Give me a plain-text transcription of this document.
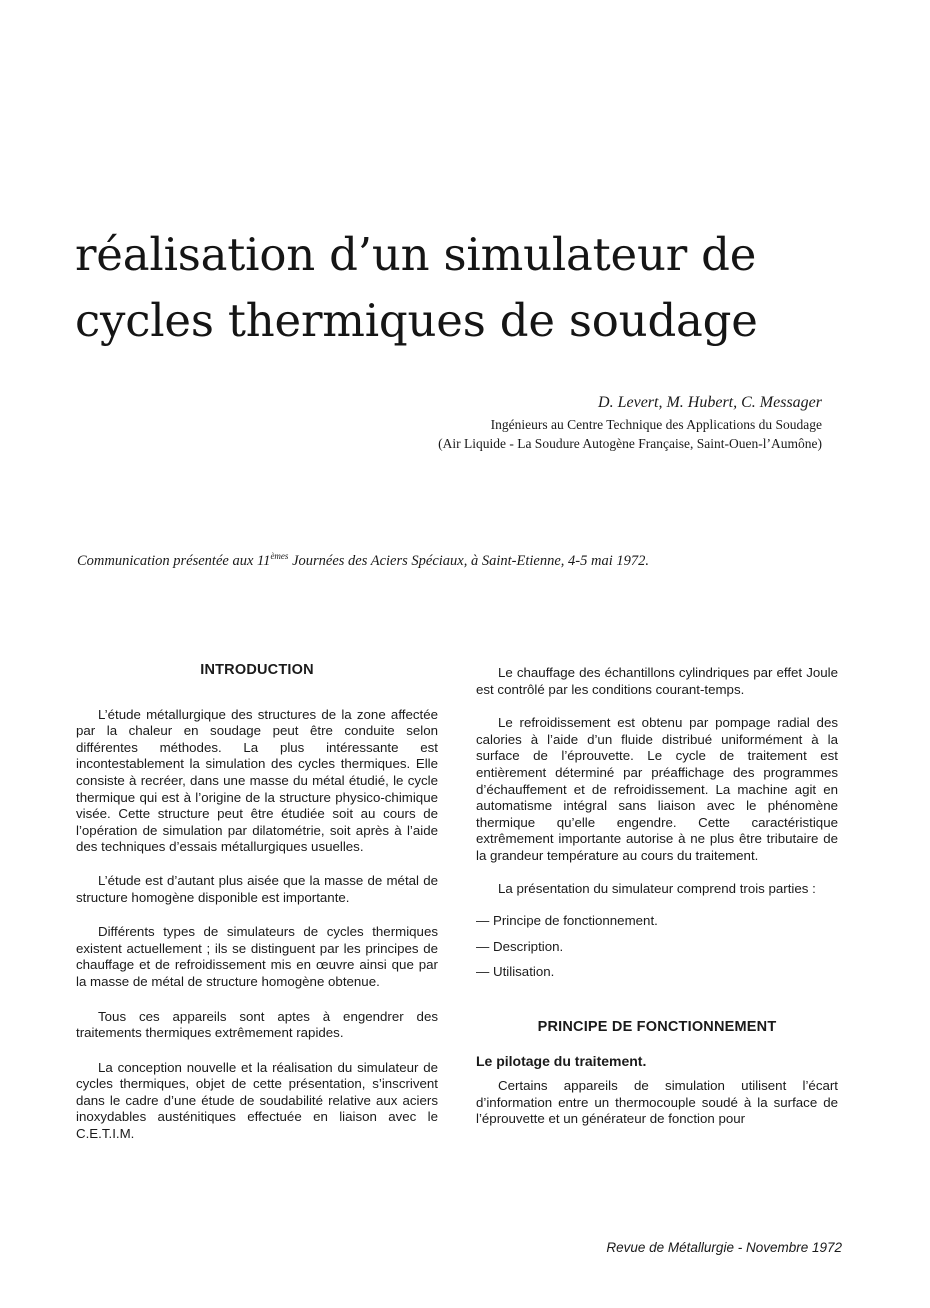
réalisation d’un simulateur de
cycles thermiques de soudage
D. Levert, M. Hubert, C. Messager
Ingénieurs au Centre Technique des Applications du Soudage
(Air Liquide - La Soudure Autogène Française, Saint-Ouen-l’Aumône)
Communication présentée aux 11èmes Journées des Aciers Spéciaux, à Saint-Etienne, 4-5 mai 1972.
INTRODUCTION

L’étude métallurgique des structures de la zone affectée par la chaleur en soudage peut être conduite selon différentes méthodes. La plus intéressante est incontestablement la simulation des cycles thermiques. Elle consiste à recréer, dans une masse du métal étudié, le cycle thermique qui est à l’origine de la structure physico-chimique visée. Cette structure peut être étudiée soit au cours de l’opération de simulation par dilatométrie, soit après à l’aide des techniques d’essais métallurgiques usuelles.

L’étude est d’autant plus aisée que la masse de métal de structure homogène disponible est importante.

Différents types de simulateurs de cycles thermiques existent actuellement ; ils se distinguent par les principes de chauffage et de refroidissement mis en œuvre ainsi que par la masse de métal de structure homogène obtenue.

Tous ces appareils sont aptes à engendrer des traitements thermiques extrêmement rapides.

La conception nouvelle et la réalisation du simulateur de cycles thermiques, objet de cette présentation, s’inscrivent dans le cadre d’une étude de soudabilité relative aux aciers inoxydables austénitiques effectuée en liaison avec le C.E.T.I.M.

Le chauffage des échantillons cylindriques par effet Joule est contrôlé par les conditions courant-temps.

Le refroidissement est obtenu par pompage radial des calories à l’aide d’un fluide distribué uniformément à la surface de l’éprouvette. Le cycle de traitement est entièrement déterminé par préaffichage des programmes d’échauffement et de refroidissement. La machine agit en automatisme intégral sans liaison avec le phénomène thermique qu’elle engendre. Cette caractéristique extrêmement importante autorise à ne plus être tributaire de la grandeur température au cours du traitement.

La présentation du simulateur comprend trois parties :

— Principe de fonctionnement.
— Description.
— Utilisation.
PRINCIPE DE FONCTIONNEMENT
Le pilotage du traitement.

Certains appareils de simulation utilisent l’écart d’information entre un thermocouple soudé à la surface de l’éprouvette et un générateur de fonction pour

Revue de Métallurgie - Novembre 1972
